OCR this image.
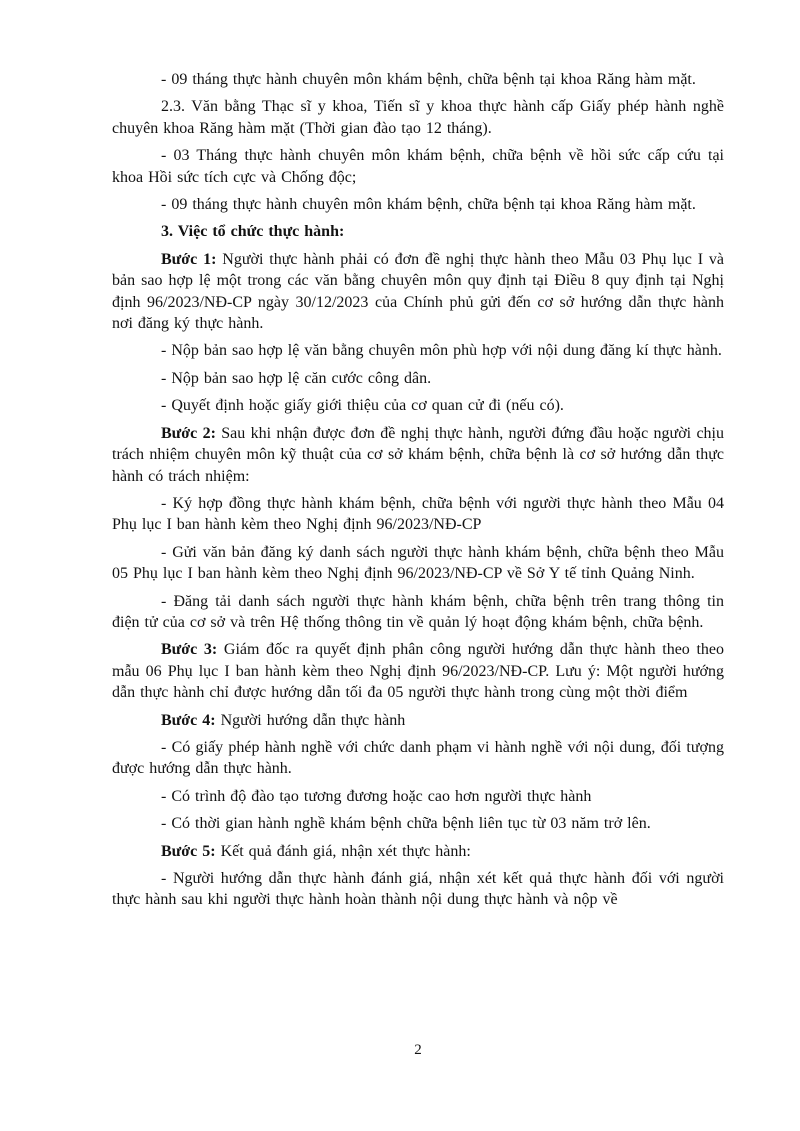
- 09 tháng thực hành chuyên môn khám bệnh, chữa bệnh tại khoa Răng hàm mặt.

2.3. Văn bằng Thạc sĩ y khoa, Tiến sĩ y khoa thực hành cấp Giấy phép hành nghề chuyên khoa Răng hàm mặt (Thời gian đào tạo 12 tháng).

- 03 Tháng thực hành chuyên môn khám bệnh, chữa bệnh về hồi sức cấp cứu tại khoa Hồi sức tích cực và Chống độc;

- 09 tháng thực hành chuyên môn khám bệnh, chữa bệnh tại khoa Răng hàm mặt.

3. Việc tổ chức thực hành:

Bước 1: Người thực hành phải có đơn đề nghị thực hành theo Mẫu 03 Phụ lục I và bản sao hợp lệ một trong các văn bằng chuyên môn quy định tại Điều 8 quy định tại Nghị định 96/2023/NĐ-CP ngày 30/12/2023 của Chính phủ gửi đến cơ sở hướng dẫn thực hành nơi đăng ký thực hành.

- Nộp bản sao hợp lệ văn bằng chuyên môn phù hợp với nội dung đăng kí thực hành.

- Nộp bản sao hợp lệ căn cước công dân.

- Quyết định hoặc giấy giới thiệu của cơ quan cử đi (nếu có).

Bước 2: Sau khi nhận được đơn đề nghị thực hành, người đứng đầu hoặc người chịu trách nhiệm chuyên môn kỹ thuật của cơ sở khám bệnh, chữa bệnh là cơ sở hướng dẫn thực hành có trách nhiệm:

- Ký hợp đồng thực hành khám bệnh, chữa bệnh với người thực hành theo Mẫu 04 Phụ lục I ban hành kèm theo Nghị định 96/2023/NĐ-CP

- Gửi văn bản đăng ký danh sách người thực hành khám bệnh, chữa bệnh theo Mẫu 05 Phụ lục I ban hành kèm theo Nghị định 96/2023/NĐ-CP về Sở Y tế tỉnh Quảng Ninh.

- Đăng tải danh sách người thực hành khám bệnh, chữa bệnh trên trang thông tin điện tử của cơ sở và trên Hệ thống thông tin về quản lý hoạt động khám bệnh, chữa bệnh.

Bước 3: Giám đốc ra quyết định phân công người hướng dẫn thực hành theo theo mẫu 06 Phụ lục I ban hành kèm theo Nghị định 96/2023/NĐ-CP. Lưu ý: Một người hướng dẫn thực hành chỉ được hướng dẫn tối đa 05 người thực hành trong cùng một thời điểm

Bước 4: Người hướng dẫn thực hành

- Có giấy phép hành nghề với chức danh phạm vi hành nghề với nội dung, đối tượng được hướng dẫn thực hành.

- Có trình độ đào tạo tương đương hoặc cao hơn người thực hành

- Có thời gian hành nghề khám bệnh chữa bệnh liên tục từ 03 năm trở lên.

Bước 5: Kết quả đánh giá, nhận xét thực hành:

- Người hướng dẫn thực hành đánh giá, nhận xét kết quả thực hành đối với người thực hành sau khi người thực hành hoàn thành nội dung thực hành và nộp về

2
